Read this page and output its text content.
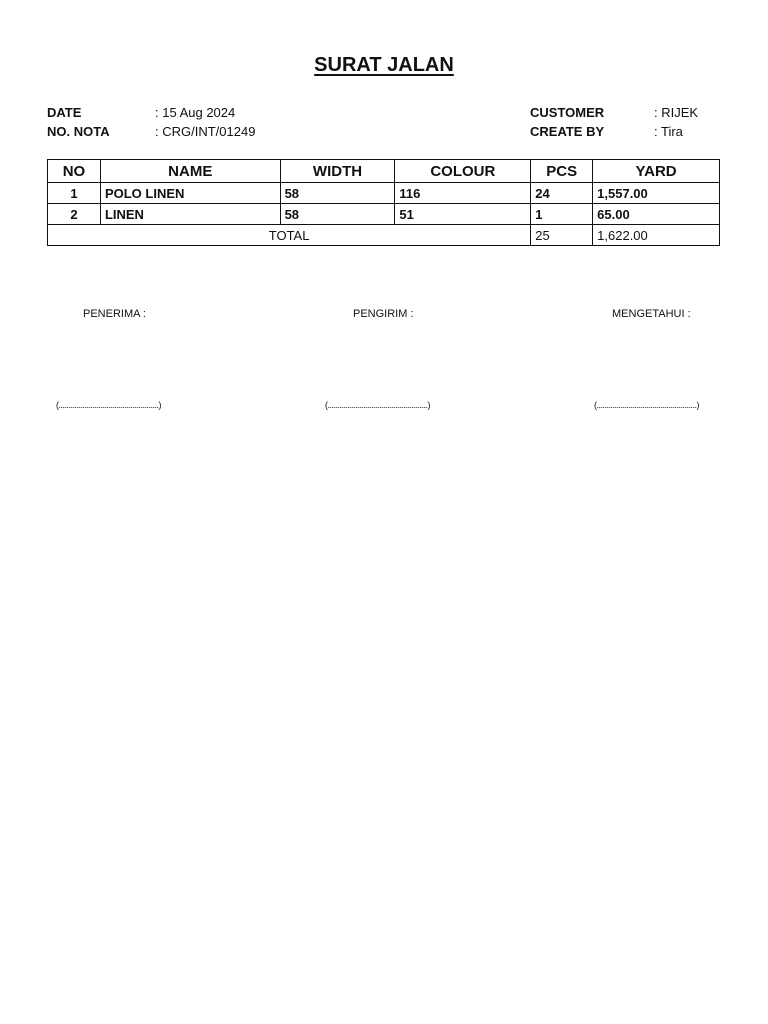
SURAT JALAN
DATE	: 15 Aug 2024
NO. NOTA	: CRG/INT/01249
CUSTOMER	: RIJEK
CREATE BY	: Tira
NO	NAME	WIDTH	COLOUR	PCS	YARD
1	POLO LINEN	58	116	24	1,557.00
2	LINEN	58	51	1	65.00
TOTAL				25	1,622.00
PENERIMA :	PENGIRIM :	MENGETAHUI :
(..................................................)	(..................................................)	(..................................................)
